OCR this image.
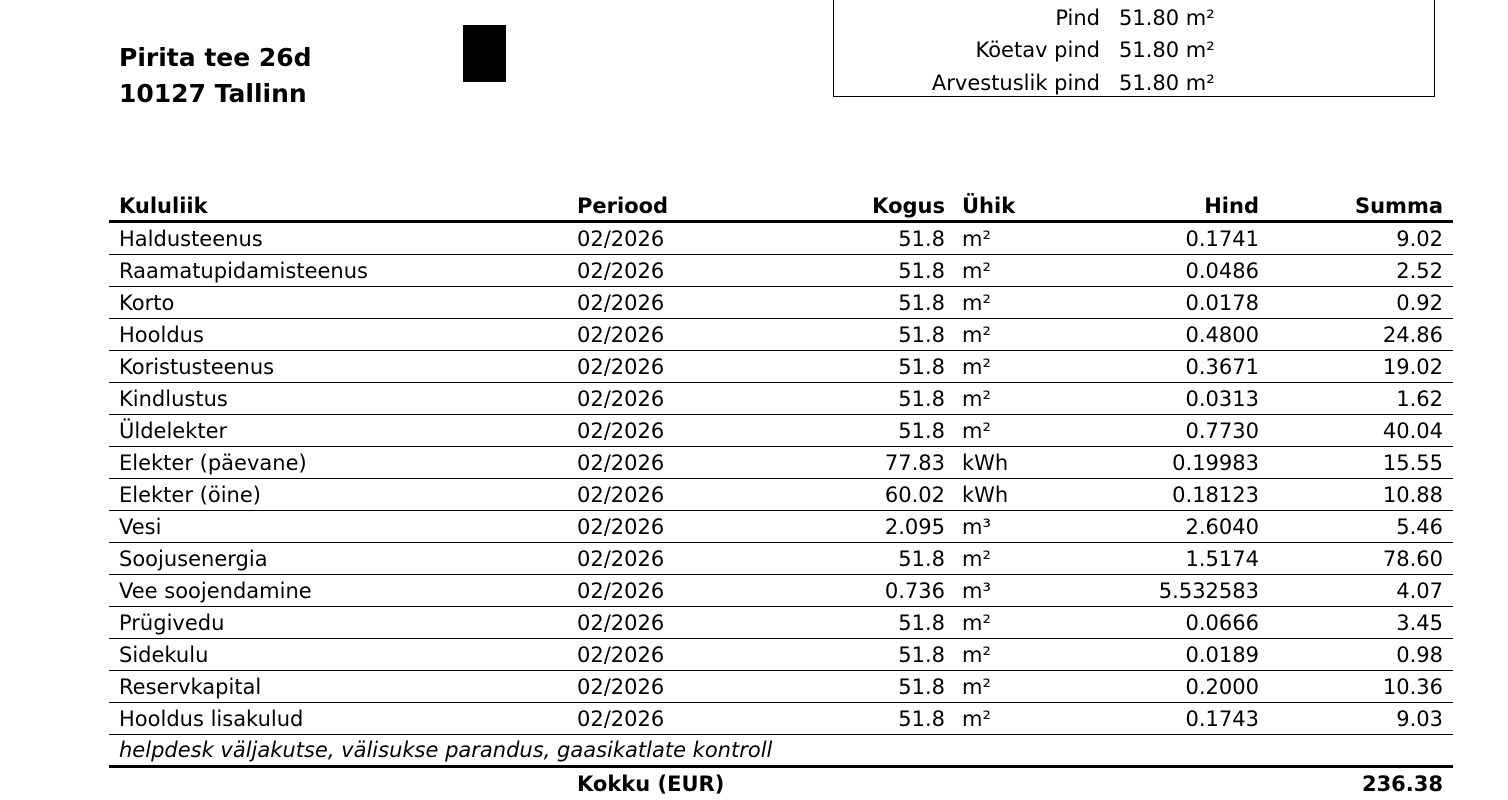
Pirita tee 26d
10127 Tallinn
Pind 51.80 m²
Köetav pind 51.80 m²
Arvestuslik pind 51.80 m²
Kululiik	Periood	Kogus Ühik	Hind	Summa
Haldusteenus	02/2026	51.8 m²	0.1741	9.02
Raamatupidamisteenus	02/2026	51.8 m²	0.0486	2.52
Korto	02/2026	51.8 m²	0.0178	0.92
Hooldus	02/2026	51.8 m²	0.4800	24.86
Koristusteenus	02/2026	51.8 m²	0.3671	19.02
Kindlustus	02/2026	51.8 m²	0.0313	1.62
Üldelekter	02/2026	51.8 m²	0.7730	40.04
Elekter (päevane)	02/2026	77.83 kWh	0.19983	15.55
Elekter (öine)	02/2026	60.02 kWh	0.18123	10.88
Vesi	02/2026	2.095 m³	2.6040	5.46
Soojusenergia	02/2026	51.8 m²	1.5174	78.60
Vee soojendamine	02/2026	0.736 m³	5.532583	4.07
Prügivedu	02/2026	51.8 m²	0.0666	3.45
Sidekulu	02/2026	51.8 m²	0.0189	0.98
Reservkapital	02/2026	51.8 m²	0.2000	10.36
Hooldus lisakulud	02/2026	51.8 m²	0.1743	9.03
helpdesk väljakutse, välisukse parandus, gaasikatlate kontroll
Kokku (EUR)	236.38
